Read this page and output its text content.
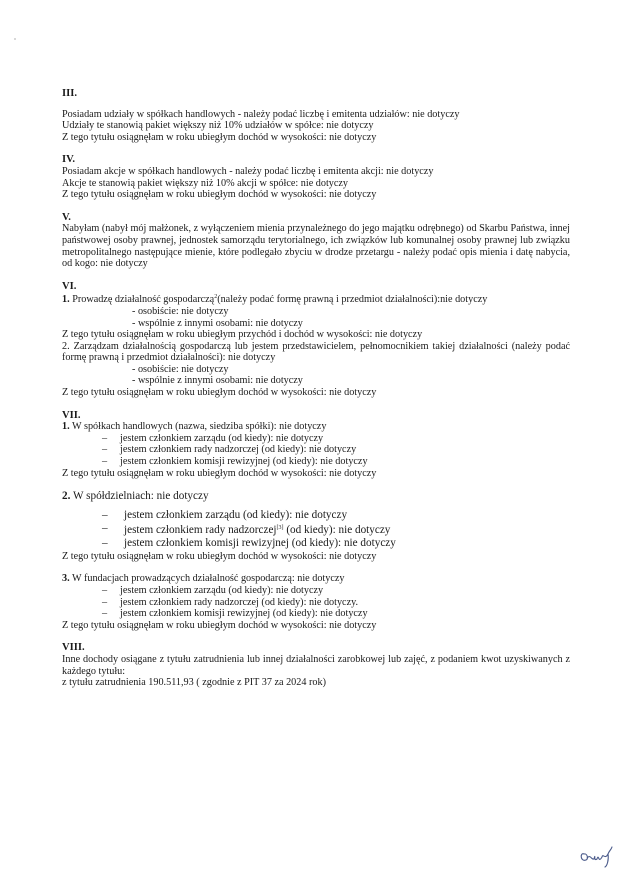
III.

Posiadam udziały w spółkach handlowych - należy podać liczbę i emitenta udziałów: nie dotyczy

Udziały te stanowią pakiet większy niż 10% udziałów w spółce: nie dotyczy

Z tego tytułu osiągnęłam w roku ubiegłym dochód w wysokości: nie dotyczy

IV.

Posiadam akcje w spółkach handlowych - należy podać liczbę i emitenta akcji: nie dotyczy

Akcje te stanowią pakiet większy niż 10% akcji w spółce: nie dotyczy

Z tego tytułu osiągnęłam w roku ubiegłym dochód w wysokości: nie dotyczy

V.

Nabyłam (nabył mój małżonek, z wyłączeniem mienia przynależnego do jego majątku odrębnego) od Skarbu Państwa, innej państwowej osoby prawnej, jednostek samorządu terytorialnego, ich związków lub komunalnej osoby prawnej lub związku metropolitalnego następujące mienie, które podlegało zbyciu w drodze przetargu - należy podać opis mienia i datę nabycia, od kogo: nie dotyczy

VI.

1. Prowadzę działalność gospodarczą$^2$(należy podać formę prawną i przedmiot działalności):nie dotyczy

- osobiście: nie dotyczy

- wspólnie z innymi osobami: nie dotyczy

Z tego tytułu osiągnęłam w roku ubiegłym przychód i dochód w wysokości: nie dotyczy

2. Zarządzam działalnością gospodarczą lub jestem przedstawicielem, pełnomocnikiem takiej działalności (należy podać formę prawną i przedmiot działalności): nie dotyczy

- osobiście: nie dotyczy

- wspólnie z innymi osobami: nie dotyczy

Z tego tytułu osiągnęłam w roku ubiegłym dochód w wysokości: nie dotyczy

VII.

1. W spółkach handlowych (nazwa, siedziba spółki): nie dotyczy

–	jestem członkiem zarządu (od kiedy): nie dotyczy
–	jestem członkiem rady nadzorczej (od kiedy): nie dotyczy
–	jestem członkiem komisji rewizyjnej (od kiedy): nie dotyczy

Z tego tytułu osiągnęłam w roku ubiegłym dochód w wysokości: nie dotyczy

2. W spółdzielniach: nie dotyczy

–	jestem członkiem zarządu (od kiedy): nie dotyczy
–	jestem członkiem rady nadzorczej[3] (od kiedy): nie dotyczy
–	jestem członkiem komisji rewizyjnej (od kiedy): nie dotyczy

Z tego tytułu osiągnęłam w roku ubiegłym dochód w wysokości: nie dotyczy

3. W fundacjach prowadzących działalność gospodarczą: nie dotyczy

–	jestem członkiem zarządu (od kiedy): nie dotyczy
–	jestem członkiem rady nadzorczej (od kiedy): nie dotyczy.
–	jestem członkiem komisji rewizyjnej (od kiedy): nie dotyczy

Z tego tytułu osiągnęłam w roku ubiegłym dochód w wysokości: nie dotyczy

VIII.

Inne dochody osiągane z tytułu zatrudnienia lub innej działalności zarobkowej lub zajęć, z podaniem kwot uzyskiwanych z każdego tytułu:

z tytułu zatrudnienia 190.511,93 ( zgodnie z PIT 37 za 2024 rok)
